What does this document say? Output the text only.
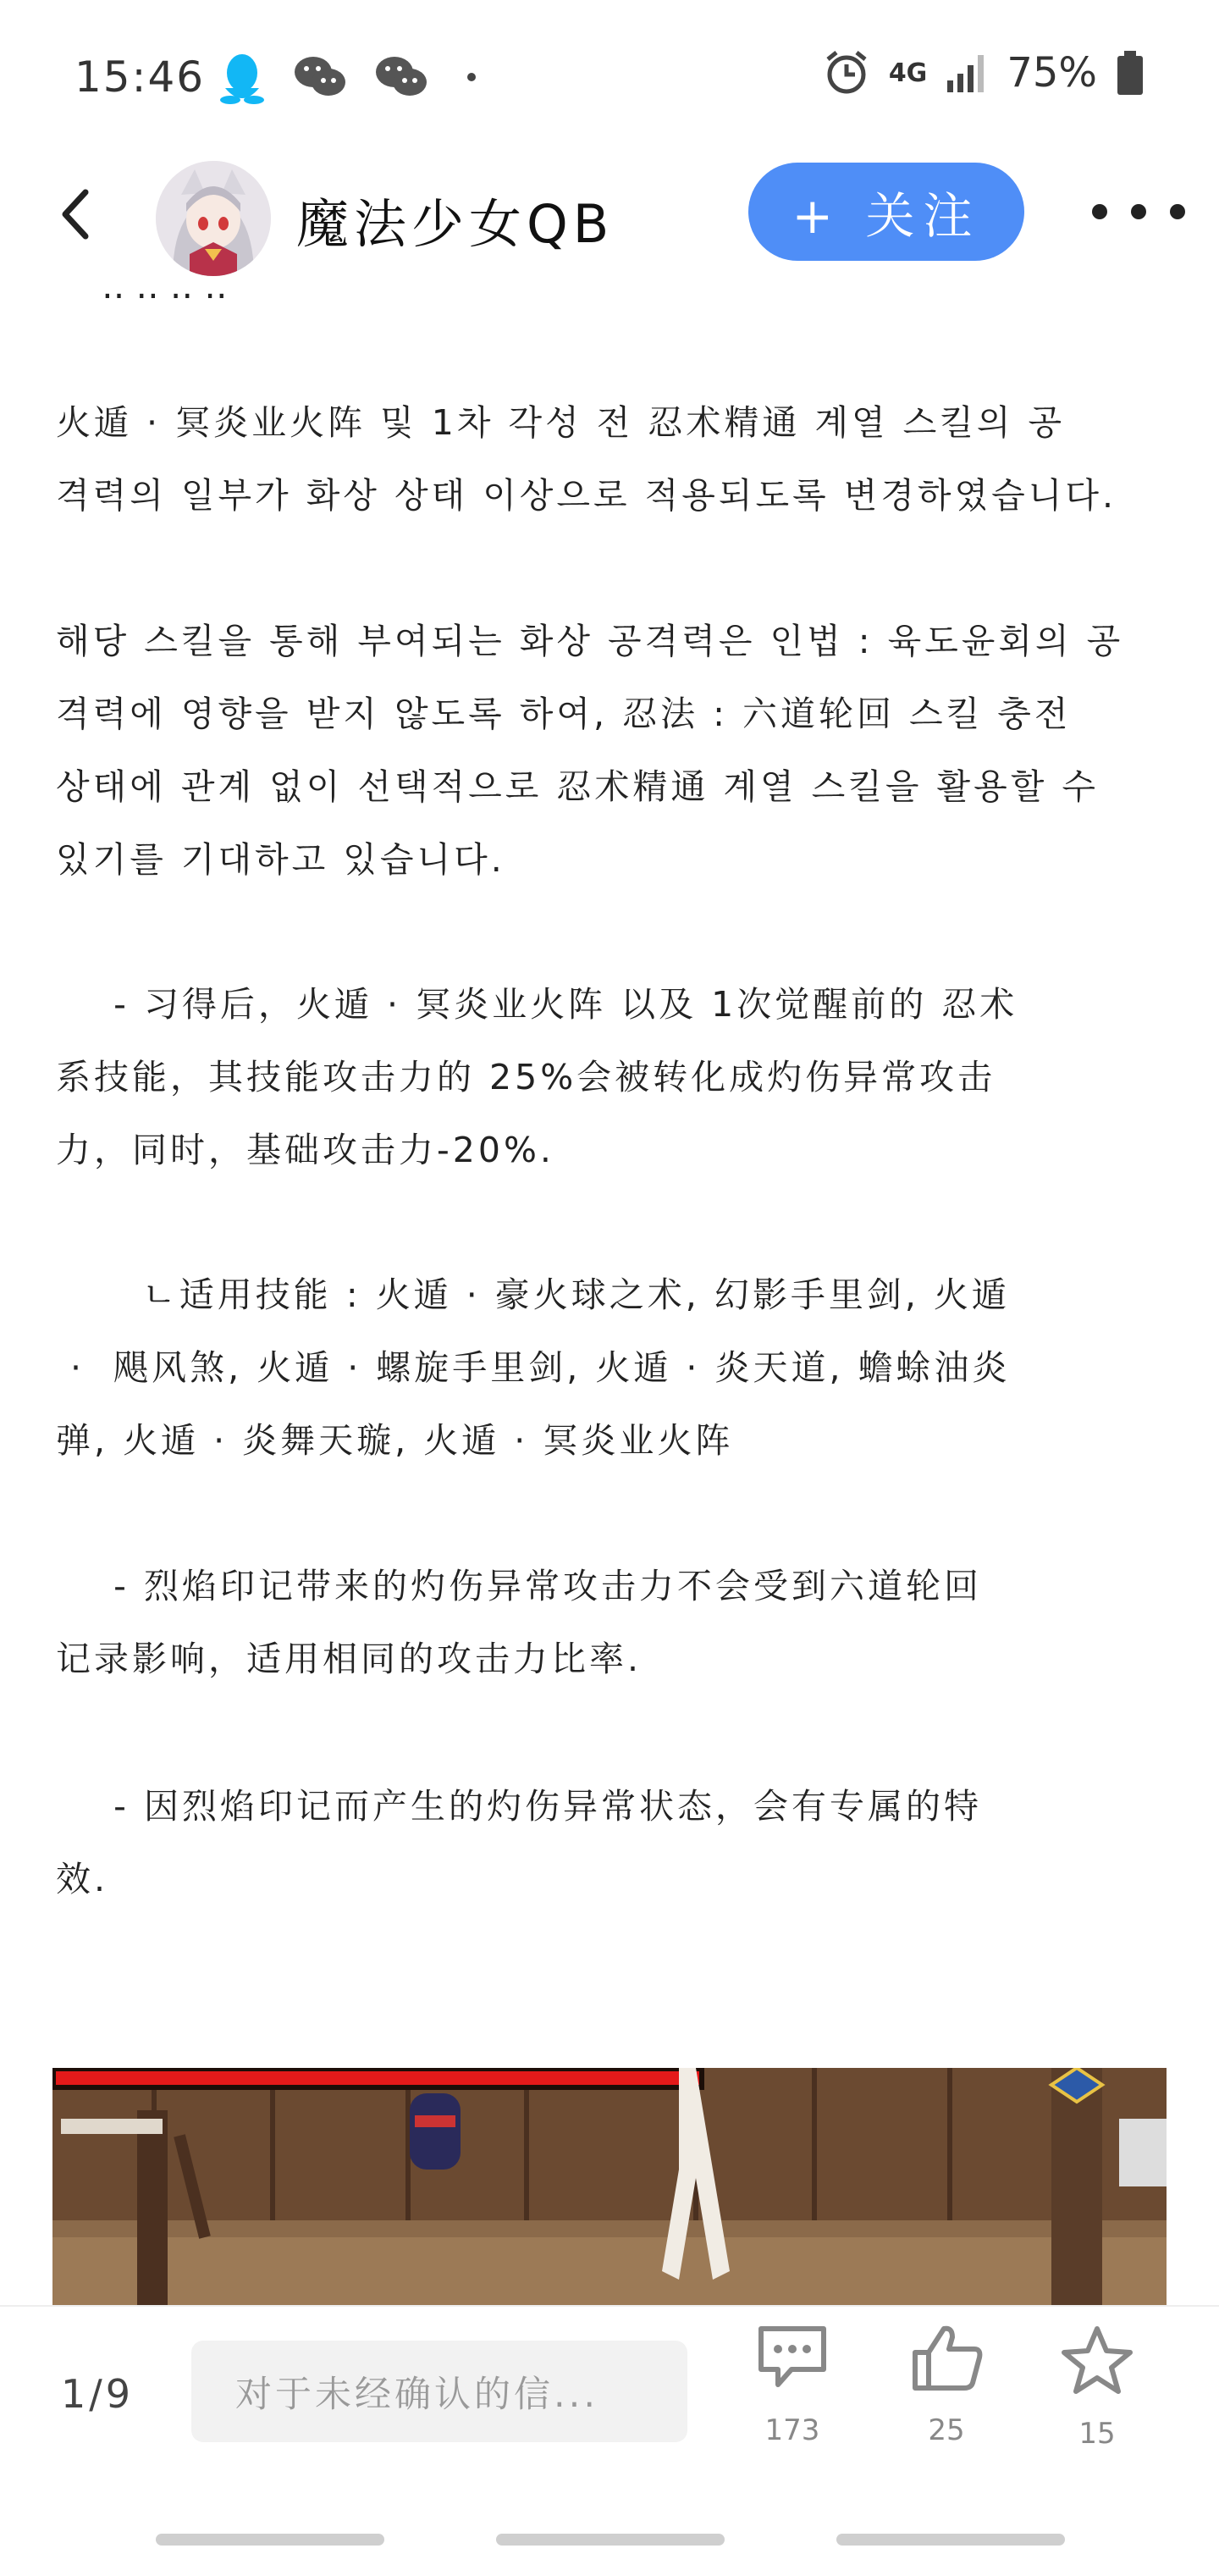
15:46	4G 75%
魔法少女QB	+ 关注
‥ ‥ ‥ ‥
火遁 · 冥炎业火阵 및 1차 각성 전 忍术精通 계열 스킬의 공
격력의 일부가 화상 상태 이상으로 적용되도록 변경하였습니다.
해당 스킬을 통해 부여되는 화상 공격력은 인법 : 육도윤회의 공
격력에 영향을 받지 않도록 하여, 忍法 : 六道轮回 스킬 충전
상태에 관계 없이 선택적으로 忍术精通 계열 스킬을 활용할 수
있기를 기대하고 있습니다.
- 习得后，火遁 · 冥炎业火阵 以及 1次觉醒前的 忍术
系技能，其技能攻击力的 25%会被转化成灼伤异常攻击
力，同时，基础攻击力-20%.
ㄴ适用技能 : 火遁 · 豪火球之术, 幻影手里剑, 火遁
·  飓风煞, 火遁 · 螺旋手里剑, 火遁 · 炎天道, 蟾蜍油炎
弹, 火遁 · 炎舞天璇, 火遁 · 冥炎业火阵
- 烈焰印记带来的灼伤异常攻击力不会受到六道轮回
记录影响，适用相同的攻击力比率.
- 因烈焰印记而产生的灼伤异常状态，会有专属的特
效.
1/9	对于未经确认的信...
173	25	15
